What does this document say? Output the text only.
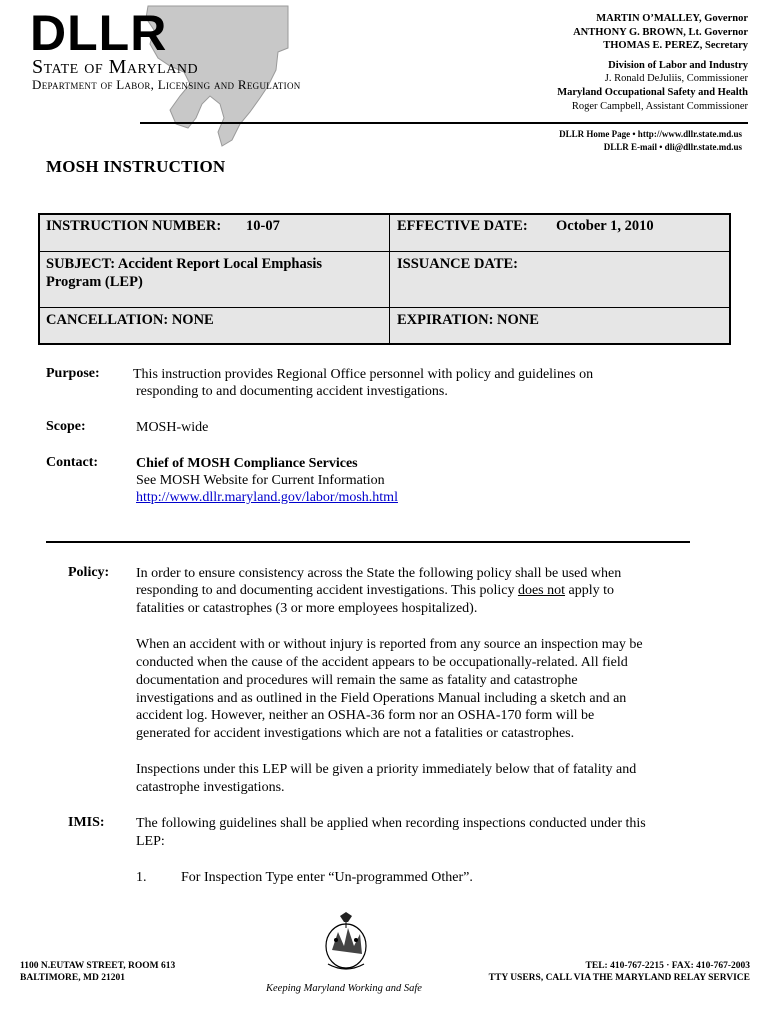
DLLR
State of Maryland
Department of Labor, Licensing and Regulation
MARTIN O’MALLEY, Governor
ANTHONY G. BROWN, Lt. Governor
THOMAS E. PEREZ, Secretary
Division of Labor and Industry
J. Ronald DeJuliis, Commissioner
Maryland Occupational Safety and Health
Roger Campbell, Assistant Commissioner
DLLR Home Page • http://www.dllr.state.md.us
DLLR E-mail • dli@dllr.state.md.us
MOSH INSTRUCTION
INSTRUCTION NUMBER: 10-07	EFFECTIVE DATE: October 1, 2010
SUBJECT: Accident Report Local Emphasis
Program (LEP)
ISSUANCE DATE:
CANCELLATION: NONE	EXPIRATION: NONE
Purpose: This instruction provides Regional Office personnel with policy and guidelines on
responding to and documenting accident investigations.
Scope:	MOSH-wide
Contact:	Chief of MOSH Compliance Services
See MOSH Website for Current Information
http://www.dllr.maryland.gov/labor/mosh.html
Policy: In order to ensure consistency across the State the following policy shall be used when
responding to and documenting accident investigations. This policy does not apply to
fatalities or catastrophes (3 or more employees hospitalized).
When an accident with or without injury is reported from any source an inspection may be
conducted when the cause of the accident appears to be occupationally-related. All field
documentation and procedures will remain the same as fatality and catastrophe
investigations and as outlined in the Field Operations Manual including a sketch and an
accident log. However, neither an OSHA-36 form nor an OSHA-170 form will be
generated for accident investigations which are not a fatalities or catastrophes.
Inspections under this LEP will be given a priority immediately below that of fatality and
catastrophe investigations.
IMIS: The following guidelines shall be applied when recording inspections conducted under this
LEP:
1. For Inspection Type enter “Un-programmed Other”.
1100 N.EUTAW STREET, ROOM 613
BALTIMORE, MD 21201
TEL: 410-767-2215 · FAX: 410-767-2003
TTY USERS, CALL VIA THE MARYLAND RELAY SERVICE
Keeping Maryland Working and Safe
